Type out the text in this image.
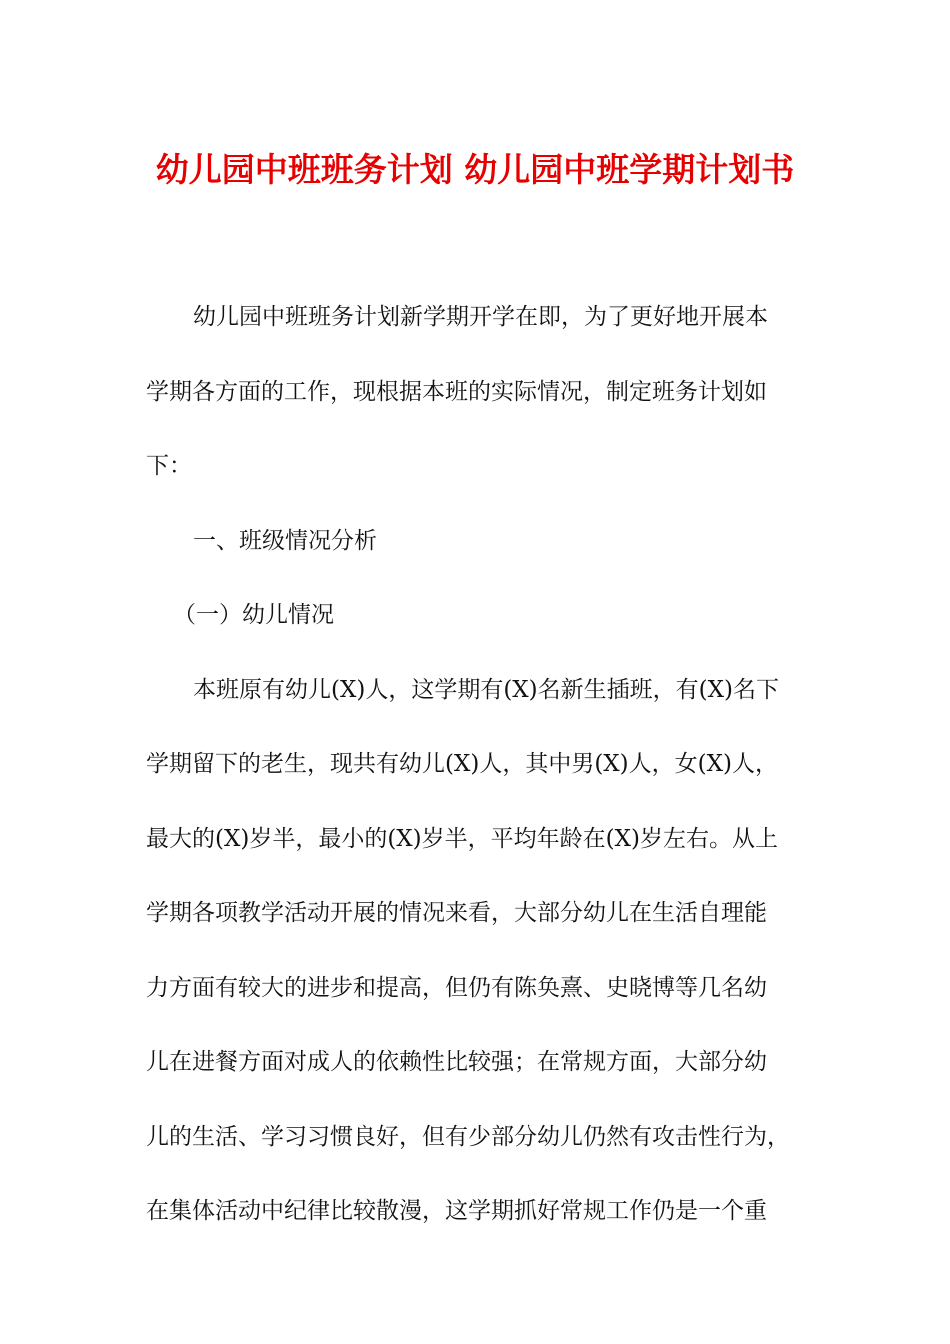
幼儿园中班班务计划 幼儿园中班学期计划书
幼儿园中班班务计划新学期开学在即，为了更好地开展本
学期各方面的工作，现根据本班的实际情况，制定班务计划如
下：
一、班级情况分析
（一）幼儿情况
本班原有幼儿(X)人，这学期有(X)名新生插班，有(X)名下
学期留下的老生，现共有幼儿(X)人，其中男(X)人，女(X)人，
最大的(X)岁半，最小的(X)岁半，平均年龄在(X)岁左右。从上
学期各项教学活动开展的情况来看，大部分幼儿在生活自理能
力方面有较大的进步和提高，但仍有陈奂熹、史晓博等几名幼
儿在进餐方面对成人的依赖性比较强；在常规方面，大部分幼
儿的生活、学习习惯良好，但有少部分幼儿仍然有攻击性行为，
在集体活动中纪律比较散漫，这学期抓好常规工作仍是一个重
